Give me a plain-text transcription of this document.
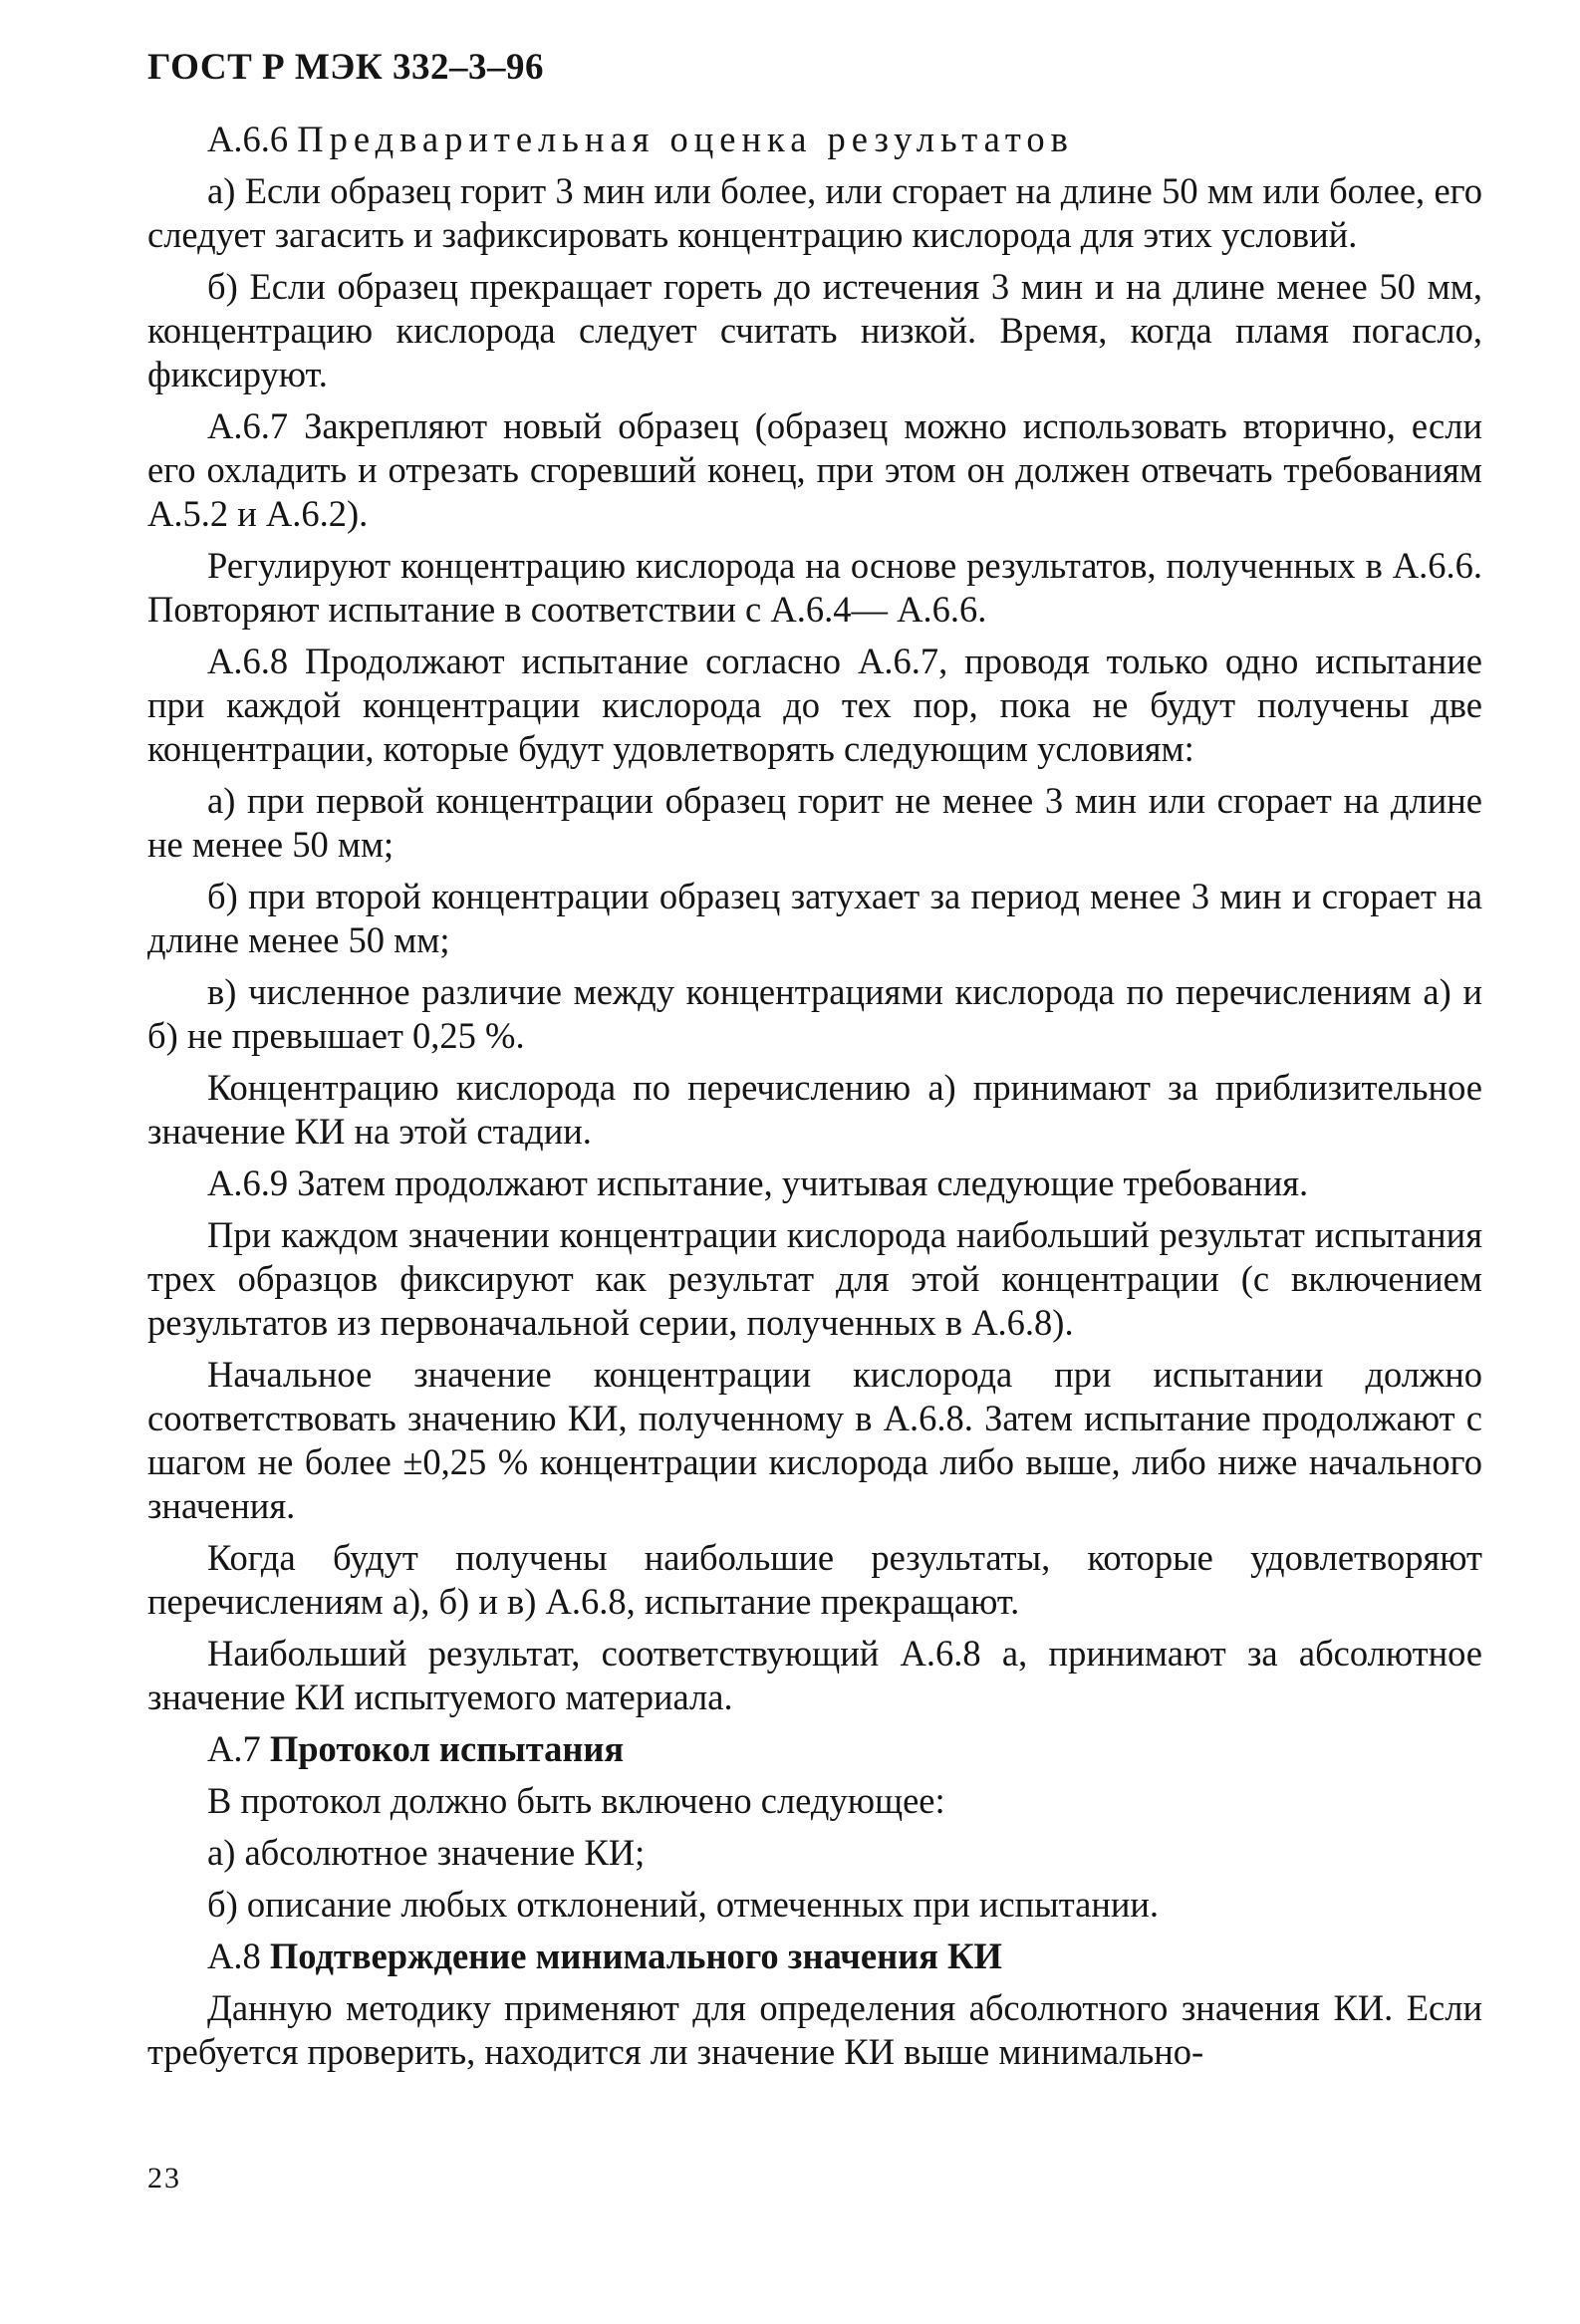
ГОСТ Р МЭК 332–3–96

А.6.6 Предварительная оценка результатов

а) Если образец горит 3 мин или более, или сгорает на длине 50 мм или более, его следует загасить и зафиксировать концентрацию кислорода для этих условий.

б) Если образец прекращает гореть до истечения 3 мин и на длине менее 50 мм, концентрацию кислорода следует считать низкой. Время, когда пламя погасло, фиксируют.

А.6.7 Закрепляют новый образец (образец можно использовать вторично, если его охладить и отрезать сгоревший конец, при этом он должен отвечать требованиям А.5.2 и А.6.2).

Регулируют концентрацию кислорода на основе результатов, полученных в А.6.6. Повторяют испытание в соответствии с А.6.4— А.6.6.

А.6.8 Продолжают испытание согласно А.6.7, проводя только одно испытание при каждой концентрации кислорода до тех пор, пока не будут получены две концентрации, которые будут удовлетворять следующим условиям:

а) при первой концентрации образец горит не менее 3 мин или сгорает на длине не менее 50 мм;

б) при второй концентрации образец затухает за период менее 3 мин и сгорает на длине менее 50 мм;

в) численное различие между концентрациями кислорода по перечислениям а) и б) не превышает 0,25 %.

Концентрацию кислорода по перечислению а) принимают за приблизительное значение КИ на этой стадии.

А.6.9 Затем продолжают испытание, учитывая следующие требования.

При каждом значении концентрации кислорода наибольший результат испытания трех образцов фиксируют как результат для этой концентрации (с включением результатов из первоначальной серии, полученных в А.6.8).

Начальное значение концентрации кислорода при испытании должно соответствовать значению КИ, полученному в А.6.8. Затем испытание продолжают с шагом не более ±0,25 % концентрации кислорода либо выше, либо ниже начального значения.

Когда будут получены наибольшие результаты, которые удовлетворяют перечислениям а), б) и в) А.6.8, испытание прекращают.

Наибольший результат, соответствующий А.6.8 а, принимают за абсолютное значение КИ испытуемого материала.

А.7 Протокол испытания

В протокол должно быть включено следующее:

а) абсолютное значение КИ;

б) описание любых отклонений, отмеченных при испытании.

А.8 Подтверждение минимального значения КИ

Данную методику применяют для определения абсолютного значения КИ. Если требуется проверить, находится ли значение КИ выше минимально-

23
